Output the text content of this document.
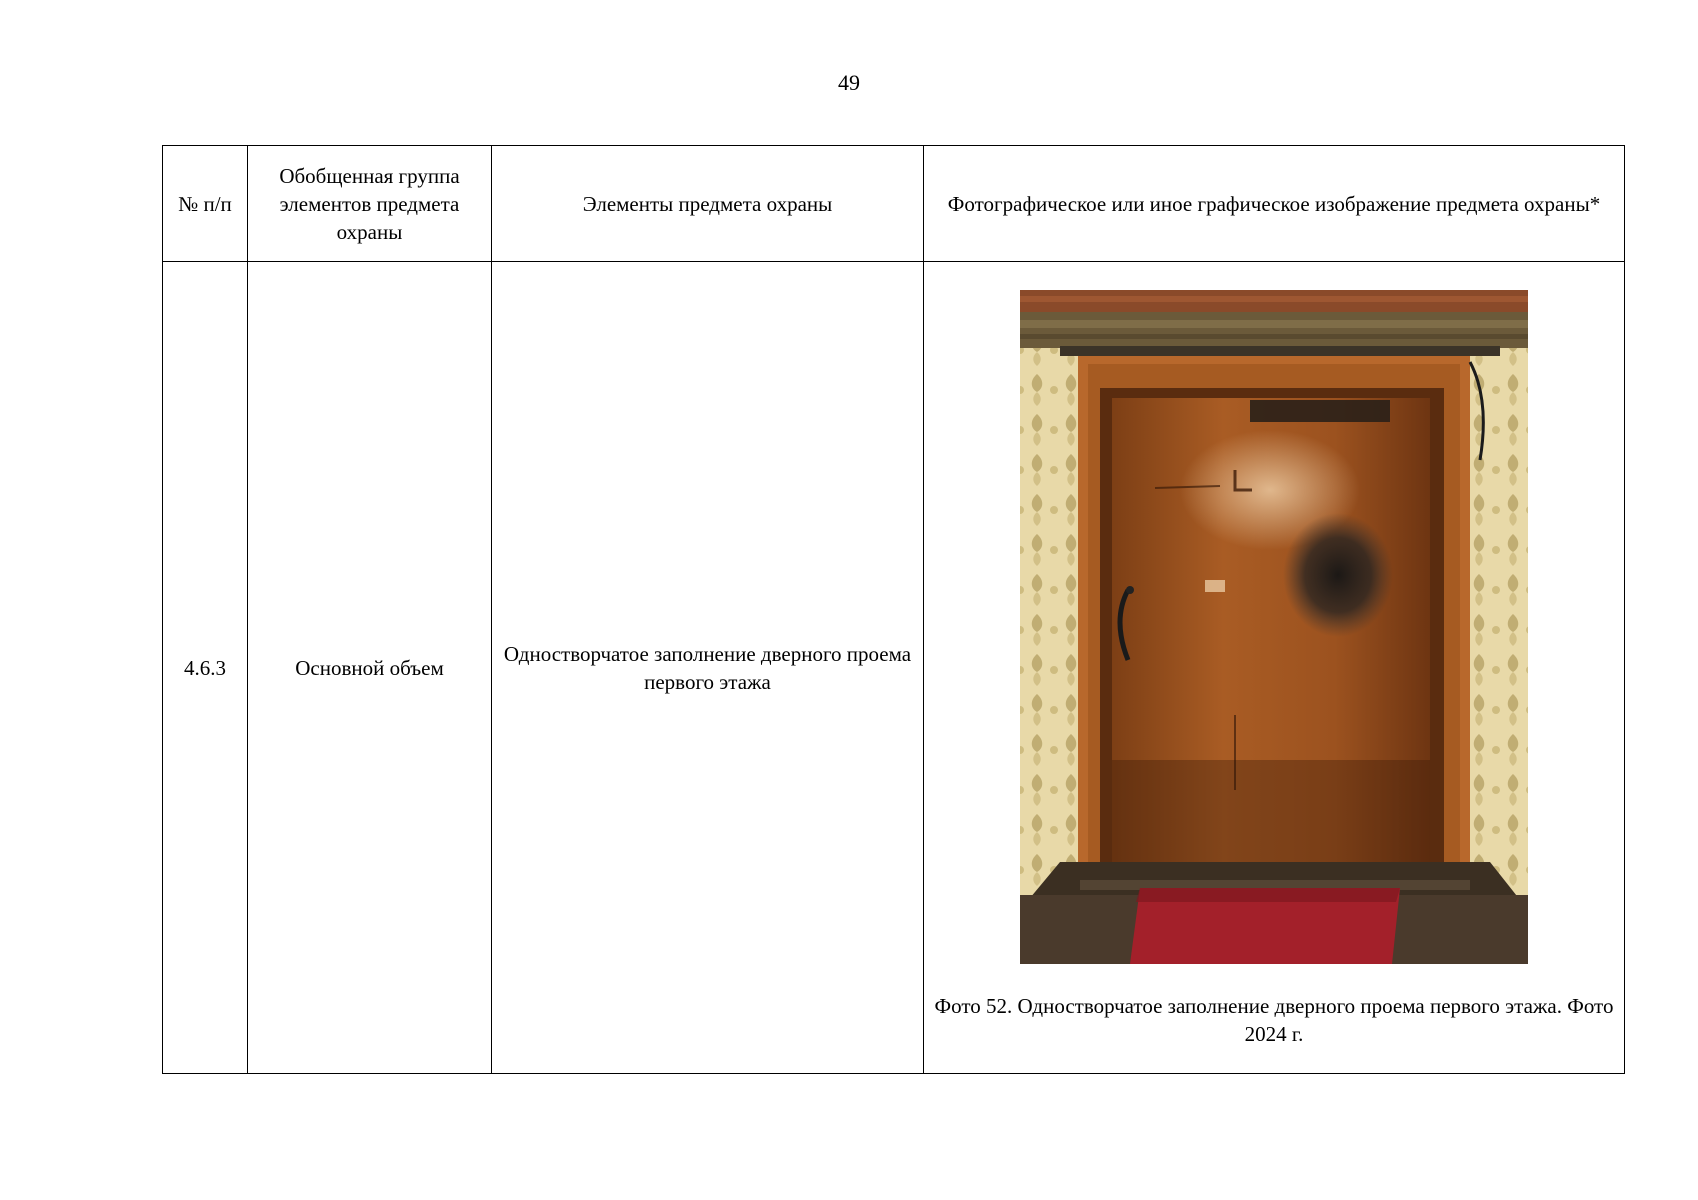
49
№ п/п	Обобщенная группа элементов предмета охраны	Элементы предмета охраны	Фотографическое или иное графическое изображение предмета охраны*
4.6.3	Основной объем	Одностворчатое заполнение дверного проема первого этажа	Фото 52. Одностворчатое заполнение дверного проема первого этажа. Фото 2024 г.
